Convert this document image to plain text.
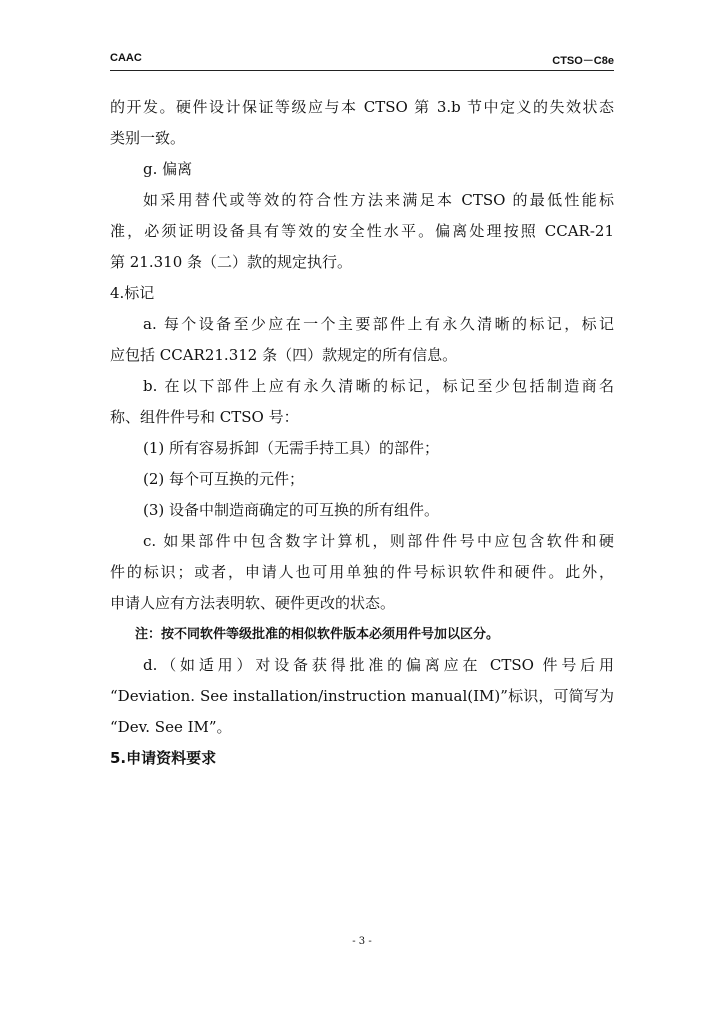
CAAC	CTSO－C8e

的开发。硬件设计保证等级应与本 CTSO 第 3.b 节中定义的失效状态

类别一致。

g. 偏离

如采用替代或等效的符合性方法来满足本 CTSO 的最低性能标

准，必须证明设备具有等效的安全性水平。偏离处理按照 CCAR-21

第 21.310 条（二）款的规定执行。

4.标记

a. 每个设备至少应在一个主要部件上有永久清晰的标记，标记

应包括 CCAR21.312 条（四）款规定的所有信息。

b. 在以下部件上应有永久清晰的标记，标记至少包括制造商名

称、组件件号和 CTSO 号：

(1) 所有容易拆卸（无需手持工具）的部件；

(2) 每个可互换的元件；

(3) 设备中制造商确定的可互换的所有组件。

c. 如果部件中包含数字计算机，则部件件号中应包含软件和硬

件的标识；或者，申请人也可用单独的件号标识软件和硬件。此外，

申请人应有方法表明软、硬件更改的状态。

注：按不同软件等级批准的相似软件版本必须用件号加以区分。

d.（如适用）对设备获得批准的偏离应在 CTSO 件号后用

“Deviation. See installation/instruction manual(IM)”标识，可简写为

“Dev. See IM”。

5.申请资料要求

- 3 -
